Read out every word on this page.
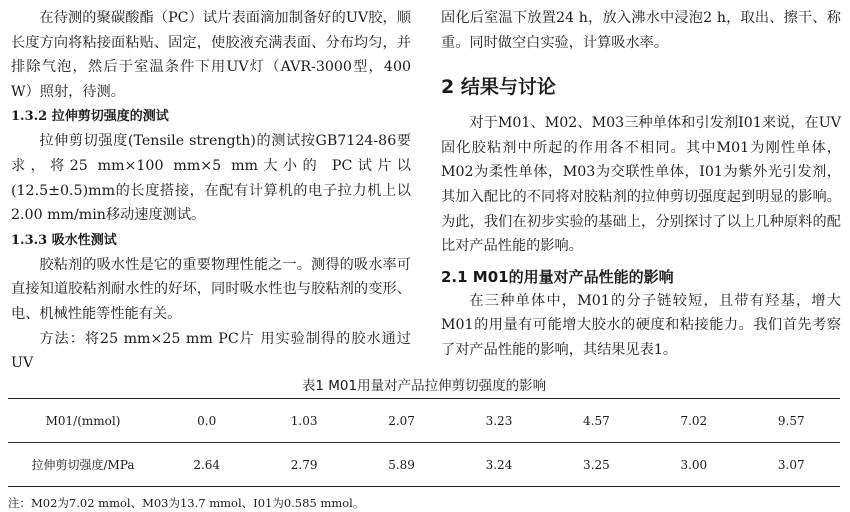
在待测的聚碳酸酯（PC）试片表面滴加制备好的UV胶，顺长度方向将粘接面粘贴、固定，使胶液充满表面、分布均匀，并排除气泡，然后于室温条件下用UV灯（AVR-3000型，400 W）照射，待测。

1.3.2 拉伸剪切强度的测试

拉伸剪切强度(Tensile strength)的测试按GB7124-86要求，将25 mm×100 mm×5 mm大小的 PC试片以(12.5±0.5)mm的长度搭接，在配有计算机的电子拉力机上以2.00 mm/min移动速度测试。

1.3.3 吸水性测试

胶粘剂的吸水性是它的重要物理性能之一。测得的吸水率可直接知道胶粘剂耐水性的好坏，同时吸水性也与胶粘剂的变形、电、机械性能等性能有关。

方法：将25 mm×25 mm PC片 用实验制得的胶水通过UV

固化后室温下放置24 h，放入沸水中浸泡2 h，取出、擦干、称重。同时做空白实验，计算吸水率。

2 结果与讨论

对于M01、M02、M03三种单体和引发剂I01来说，在UV固化胶粘剂中所起的作用各不相同。其中M01为刚性单体，M02为柔性单体，M03为交联性单体，I01为紫外光引发剂，其加入配比的不同将对胶粘剂的拉伸剪切强度起到明显的影响。为此，我们在初步实验的基础上，分别探讨了以上几种原料的配比对产品性能的影响。

2.1 M01的用量对产品性能的影响

在三种单体中，M01的分子链较短，且带有羟基，增大M01的用量有可能增大胶水的硬度和粘接能力。我们首先考察了对产品性能的影响，其结果见表1。

表1 M01用量对产品拉伸剪切强度的影响
M01/(mmol)	0.0	1.03	2.07	3.23	4.57	7.02	9.57
拉伸剪切强度/MPa	2.64	2.79	5.89	3.24	3.25	3.00	3.07
注：M02为7.02 mmol、M03为13.7 mmol、I01为0.585 mmol。
